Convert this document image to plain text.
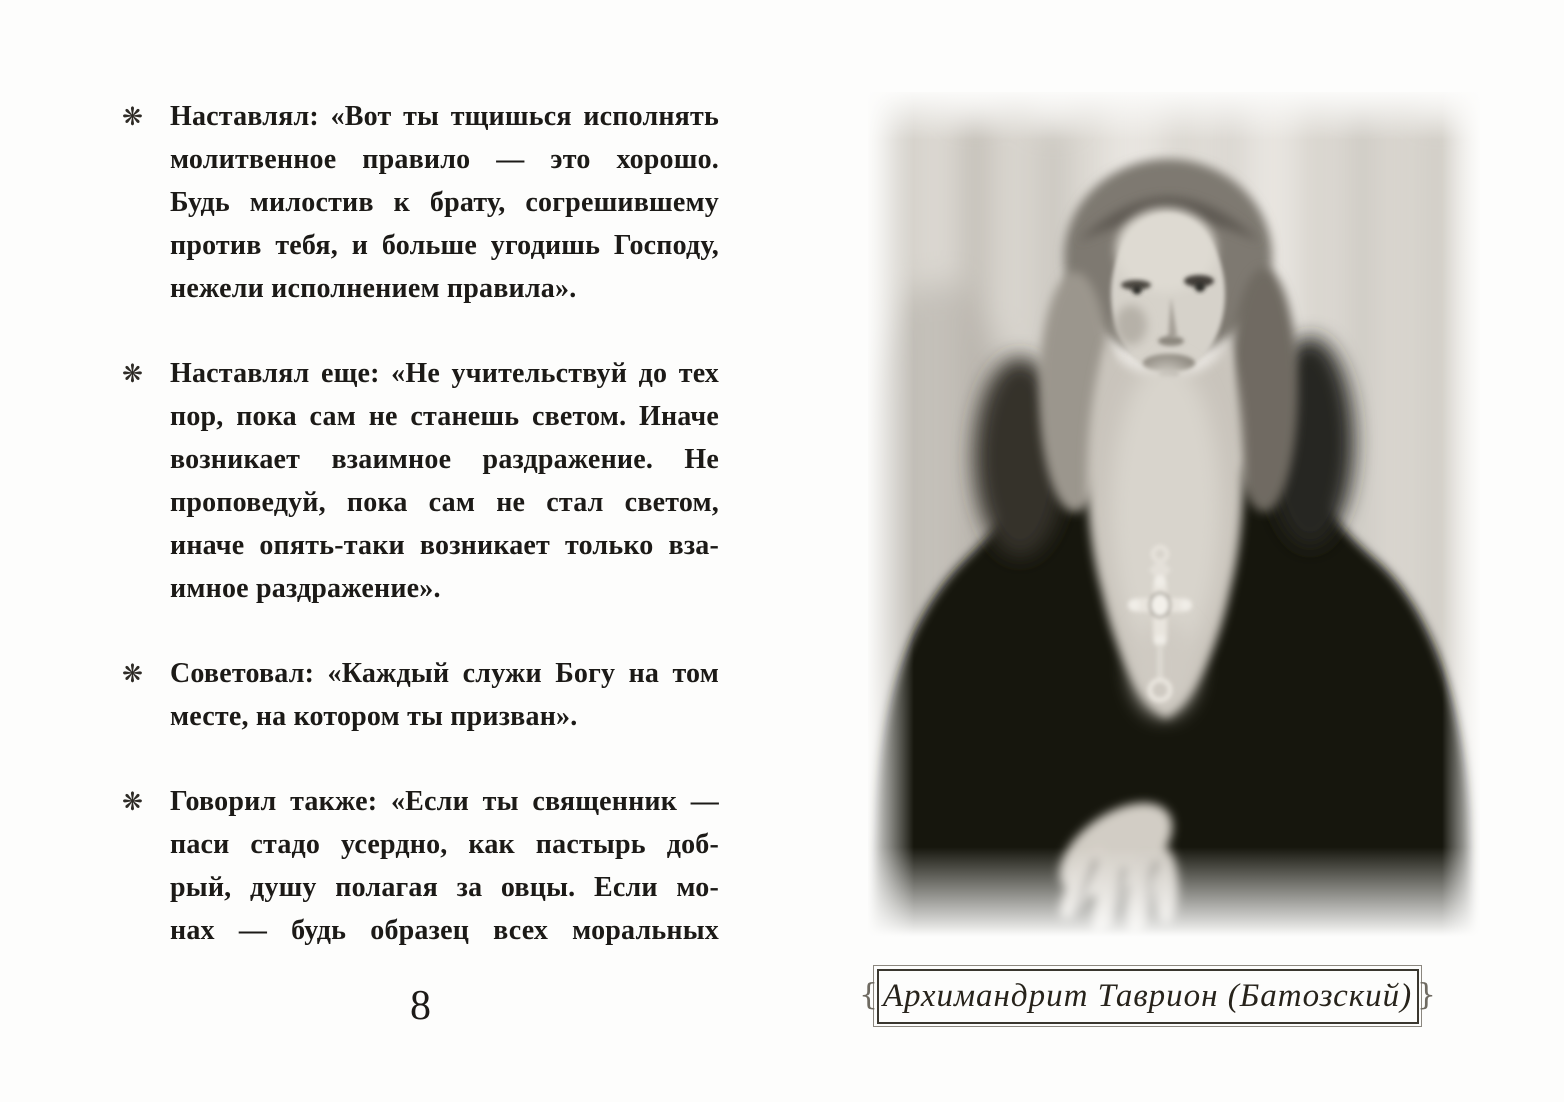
❋ Наставлял: «Вот ты тщишься исполнять
молитвенное правило — это хорошо.
Будь милостив к брату, согрешившему
против тебя, и больше угодишь Господу,
нежели исполнением правила».
❋ Наставлял еще: «Не учительствуй до тех
пор, пока сам не станешь светом. Иначе
возникает взаимное раздражение. Не
проповедуй, пока сам не стал светом,
иначе опять-таки возникает только вза-
имное раздражение».
❋ Советовал: «Каждый служи Богу на том
месте, на котором ты призван».
❋ Говорил также: «Если ты священник —
паси стадо усердно, как пастырь доб-
рый, душу полагая за овцы. Если мо-
нах — будь образец всех моральных
8	{	}
Архимандрит Таврион (Батозский)
